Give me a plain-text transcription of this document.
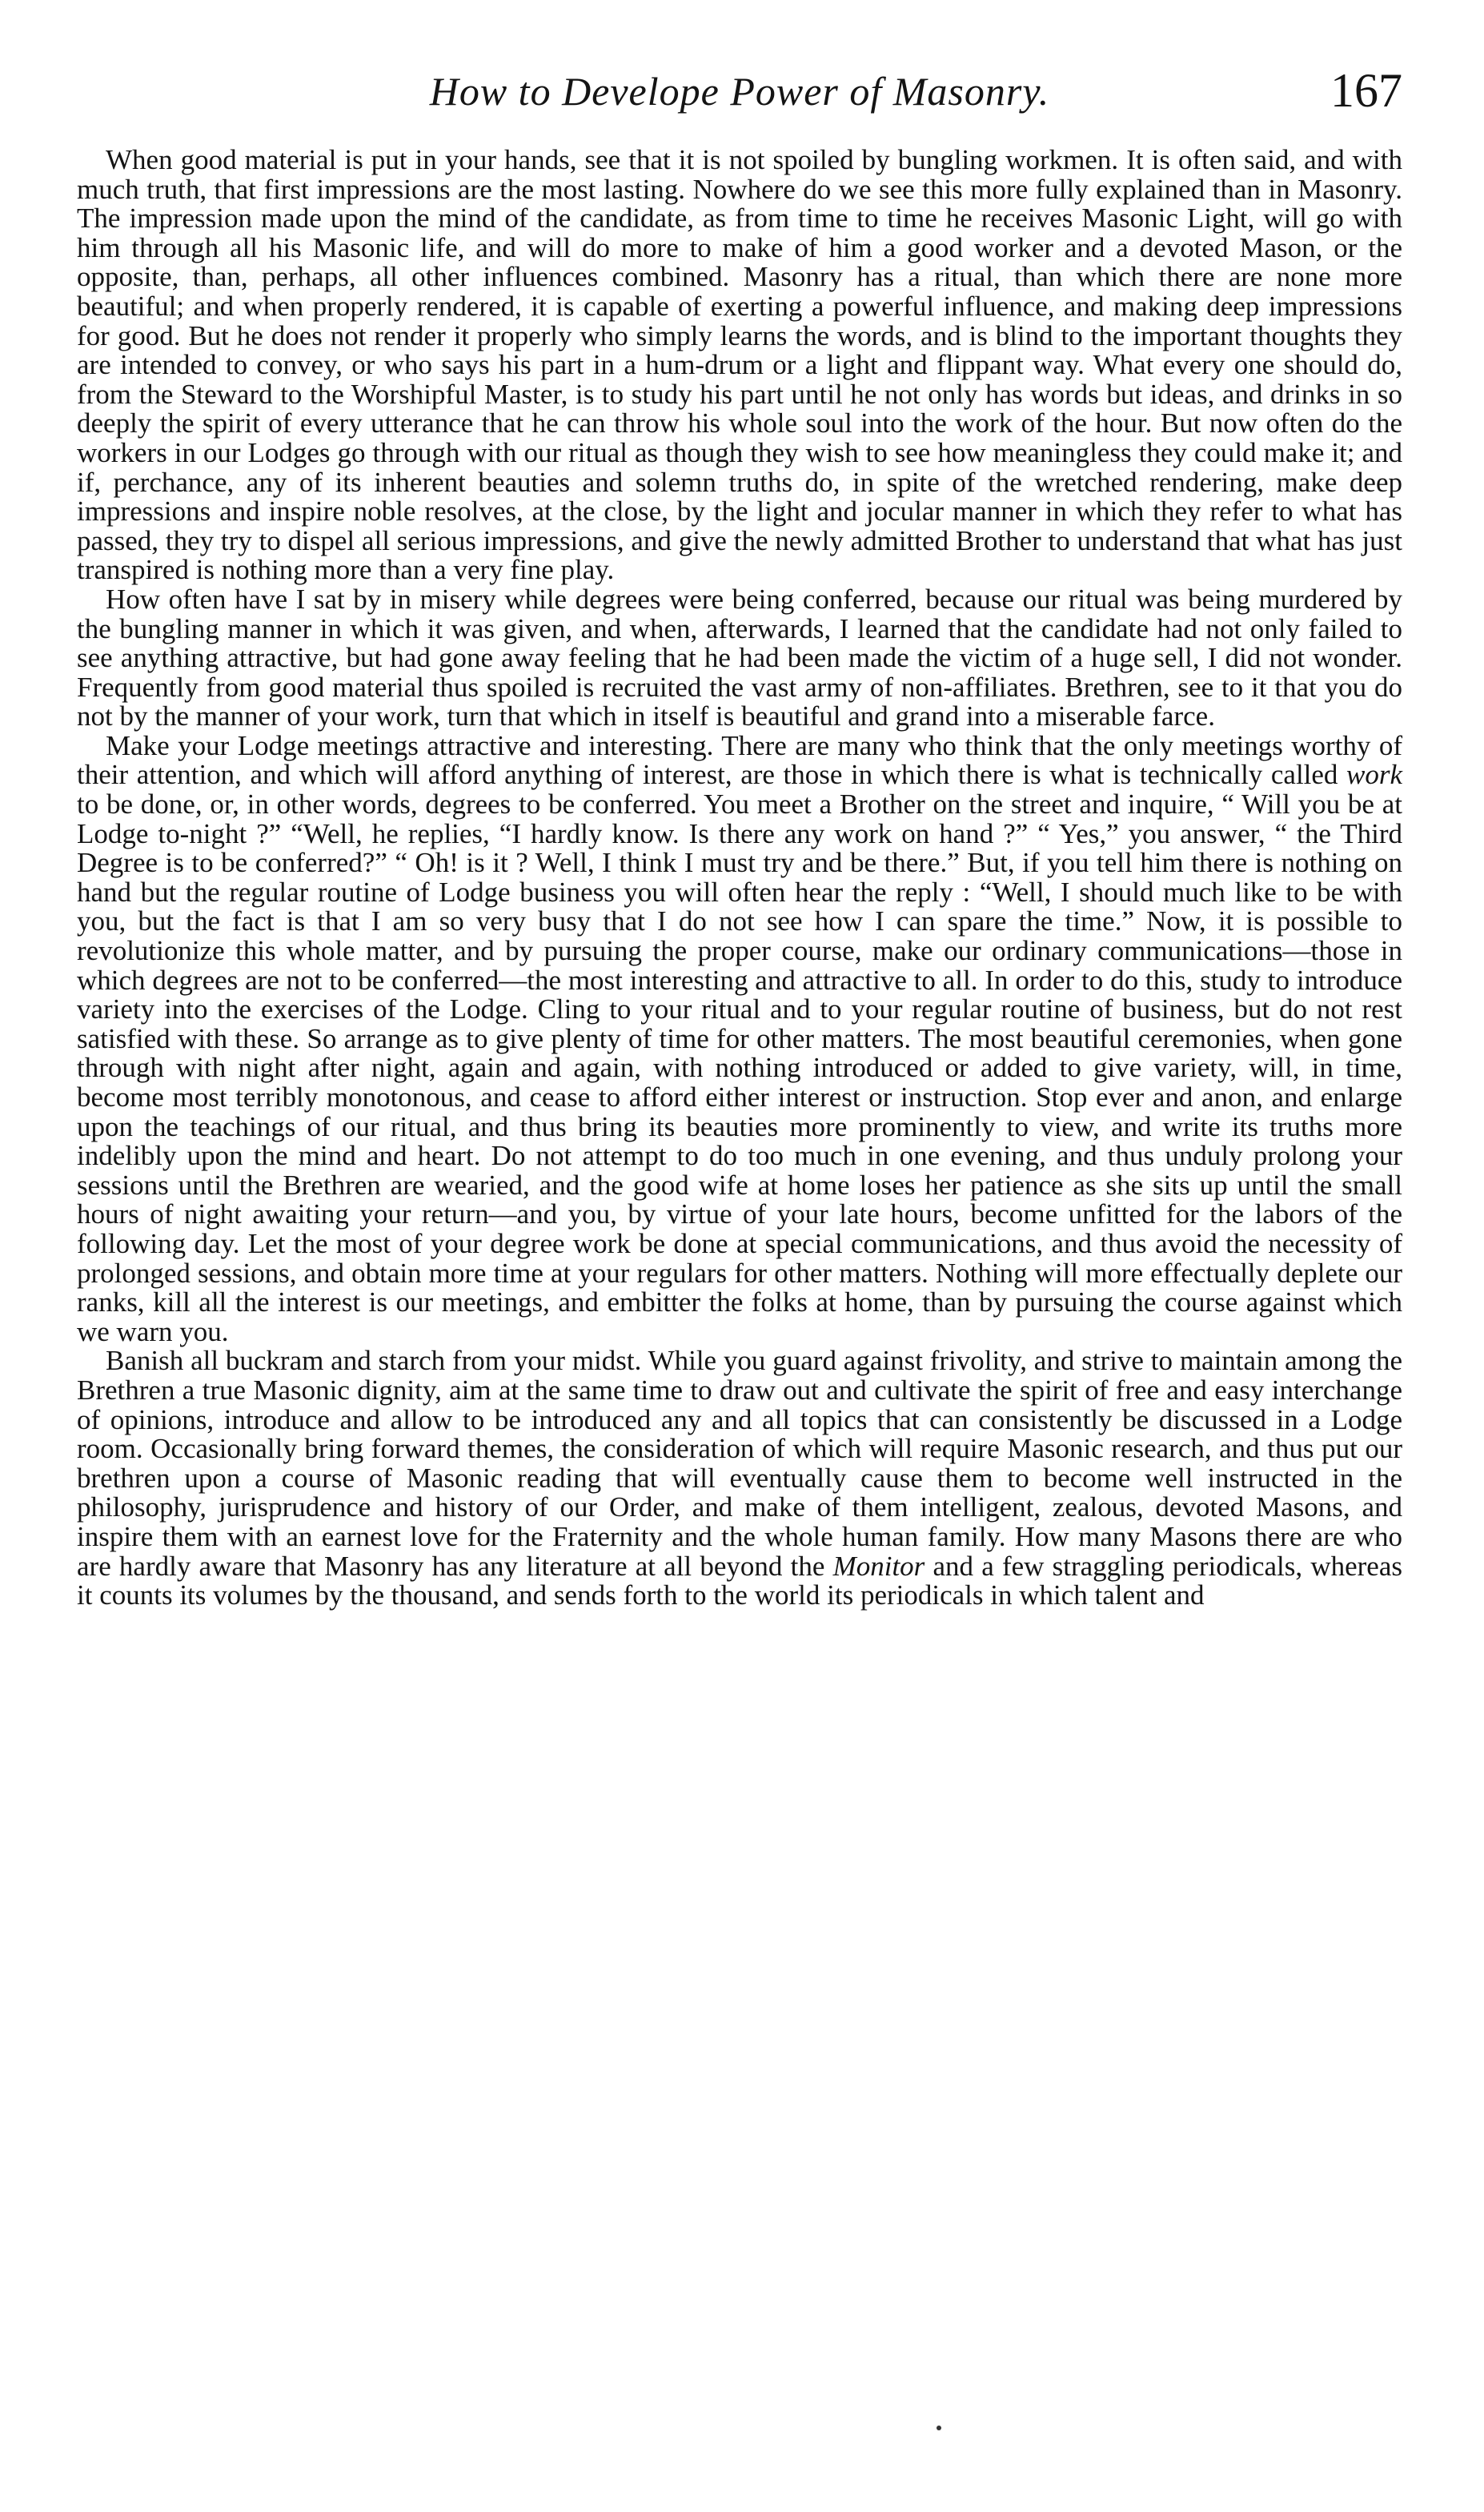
How to Develope Power of Masonry.	167

When good material is put in your hands, see that it is not spoiled by bungling workmen. It is often said, and with much truth, that first impressions are the most lasting. Nowhere do we see this more fully explained than in Masonry. The impression made upon the mind of the candidate, as from time to time he receives Masonic Light, will go with him through all his Masonic life, and will do more to make of him a good worker and a devoted Mason, or the opposite, than, perhaps, all other influences combined. Masonry has a ritual, than which there are none more beautiful; and when properly rendered, it is capable of exerting a powerful influence, and making deep impressions for good. But he does not render it properly who simply learns the words, and is blind to the important thoughts they are intended to convey, or who says his part in a hum-drum or a light and flippant way. What every one should do, from the Steward to the Worshipful Master, is to study his part until he not only has words but ideas, and drinks in so deeply the spirit of every utterance that he can throw his whole soul into the work of the hour. But now often do the workers in our Lodges go through with our ritual as though they wish to see how meaningless they could make it; and if, perchance, any of its inherent beauties and solemn truths do, in spite of the wretched rendering, make deep impressions and inspire noble resolves, at the close, by the light and jocular manner in which they refer to what has passed, they try to dispel all serious impressions, and give the newly admitted Brother to understand that what has just transpired is nothing more than a very fine play.

How often have I sat by in misery while degrees were being conferred, because our ritual was being murdered by the bungling manner in which it was given, and when, afterwards, I learned that the candidate had not only failed to see anything attractive, but had gone away feeling that he had been made the victim of a huge sell, I did not wonder. Frequently from good material thus spoiled is recruited the vast army of non-affiliates. Brethren, see to it that you do not by the manner of your work, turn that which in itself is beautiful and grand into a miserable farce.

Make your Lodge meetings attractive and interesting. There are many who think that the only meetings worthy of their attention, and which will afford anything of interest, are those in which there is what is technically called work to be done, or, in other words, degrees to be conferred. You meet a Brother on the street and inquire, “ Will you be at Lodge to-night ?” “Well, he replies, “I hardly know. Is there any work on hand ?” “ Yes,” you answer, “ the Third Degree is to be conferred?” “ Oh! is it ? Well, I think I must try and be there.” But, if you tell him there is nothing on hand but the regular routine of Lodge business you will often hear the reply : “Well, I should much like to be with you, but the fact is that I am so very busy that I do not see how I can spare the time.” Now, it is possible to revolutionize this whole matter, and by pursuing the proper course, make our ordinary communications—those in which degrees are not to be conferred—the most interesting and attractive to all. In order to do this, study to introduce variety into the exercises of the Lodge. Cling to your ritual and to your regular routine of business, but do not rest satisfied with these. So arrange as to give plenty of time for other matters. The most beautiful ceremonies, when gone through with night after night, again and again, with nothing introduced or added to give variety, will, in time, become most terribly monotonous, and cease to afford either interest or instruction. Stop ever and anon, and enlarge upon the teachings of our ritual, and thus bring its beauties more prominently to view, and write its truths more indelibly upon the mind and heart. Do not attempt to do too much in one evening, and thus unduly prolong your sessions until the Brethren are wearied, and the good wife at home loses her patience as she sits up until the small hours of night awaiting your return—and you, by virtue of your late hours, become unfitted for the labors of the following day. Let the most of your degree work be done at special communications, and thus avoid the necessity of prolonged sessions, and obtain more time at your regulars for other matters. Nothing will more effectually deplete our ranks, kill all the interest is our meetings, and embitter the folks at home, than by pursuing the course against which we warn you.

Banish all buckram and starch from your midst. While you guard against frivolity, and strive to maintain among the Brethren a true Masonic dignity, aim at the same time to draw out and cultivate the spirit of free and easy interchange of opinions, introduce and allow to be introduced any and all topics that can consistently be discussed in a Lodge room. Occasionally bring forward themes, the consideration of which will require Masonic research, and thus put our brethren upon a course of Masonic reading that will eventually cause them to become well instructed in the philosophy, jurisprudence and history of our Order, and make of them intelligent, zealous, devoted Masons, and inspire them with an earnest love for the Fraternity and the whole human family. How many Masons there are who are hardly aware that Masonry has any literature at all beyond the Monitor and a few straggling periodicals, whereas it counts its volumes by the thousand, and sends forth to the world its periodicals in which talent and
